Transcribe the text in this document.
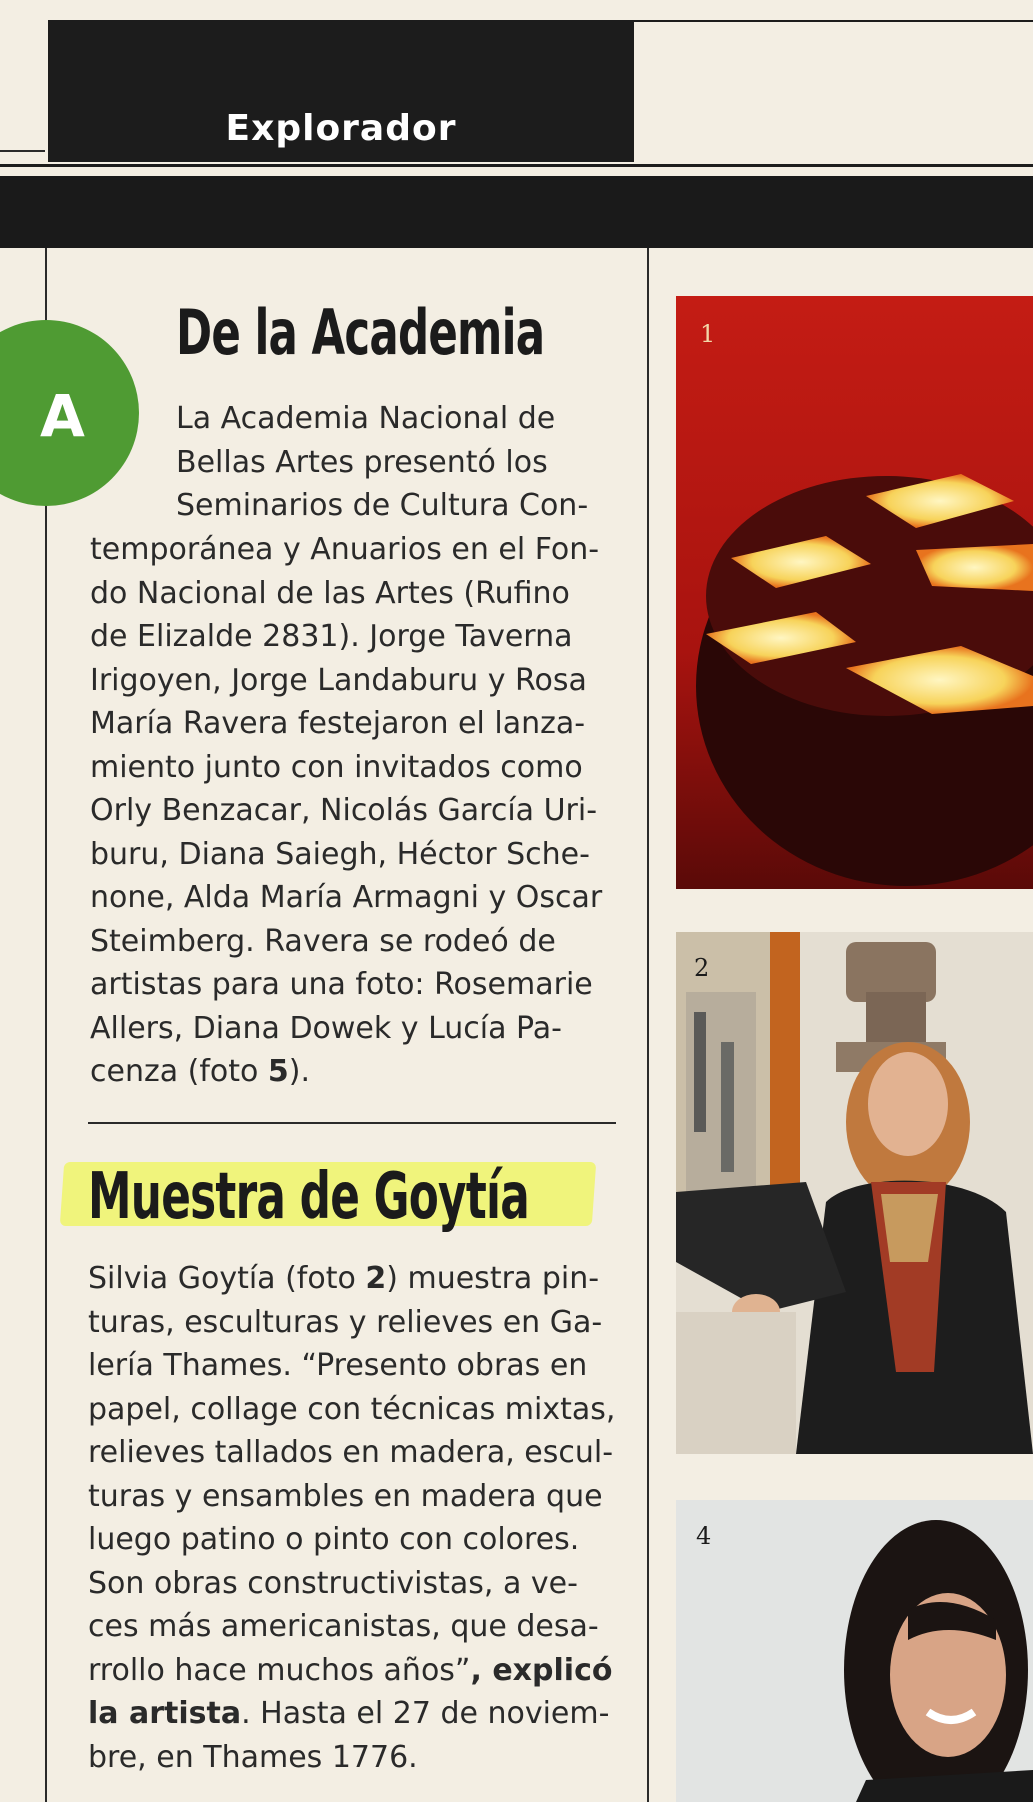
Explorador
A
De la Academia
La Academia Nacional de
Bellas Artes presentó los
Seminarios de Cultura Con-
temporánea y Anuarios en el Fon-
do Nacional de las Artes (Rufino
de Elizalde 2831). Jorge Taverna
Irigoyen, Jorge Landaburu y Rosa
María Ravera festejaron el lanza-
miento junto con invitados como
Orly Benzacar, Nicolás García Uri-
buru, Diana Saiegh, Héctor Sche-
none, Alda María Armagni y Oscar
Steimberg. Ravera se rodeó de
artistas para una foto: Rosemarie
Allers, Diana Dowek y Lucía Pa-
cenza (foto 5).
Muestra de Goytía
Silvia Goytía (foto 2) muestra pin-
turas, esculturas y relieves en Ga-
lería Thames. “Presento obras en
papel, collage con técnicas mixtas,
relieves tallados en madera, escul-
turas y ensambles en madera que
luego patino o pinto con colores.
Son obras constructivistas, a ve-
ces más americanistas, que desa-
rrollo hace muchos años”, explicó
la artista. Hasta el 27 de noviem-
bre, en Thames 1776.
1
2
4
